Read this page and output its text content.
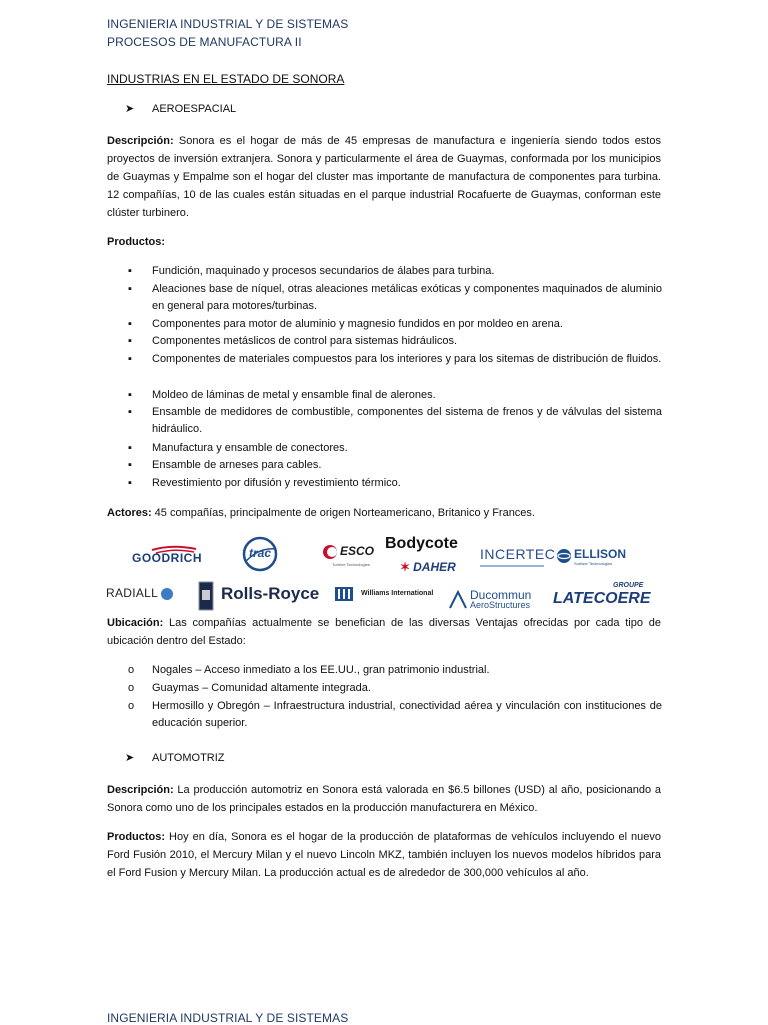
INGENIERIA INDUSTRIAL Y DE SISTEMAS
PROCESOS DE MANUFACTURA II
INDUSTRIAS EN EL ESTADO DE SONORA
➤ AEROESPACIAL
Descripción: Sonora es el hogar de más de 45 empresas de manufactura e ingeniería siendo todos estos proyectos de inversión extranjera. Sonora y particularmente el área de Guaymas, conformada por los municipios de Guaymas y Empalme son el hogar del cluster mas importante de manufactura de componentes para turbina. 12 compañías, 10 de las cuales están situadas en el parque industrial Rocafuerte de Guaymas, conforman este clúster turbinero.
Productos:
▪	Fundición, maquinado y procesos secundarios de álabes para turbina.
▪	Aleaciones base de níquel, otras aleaciones metálicas exóticas y componentes maquinados de aluminio en general para motores/turbinas.
▪	Componentes para motor de aluminio y magnesio fundidos en por moldeo en arena.
▪	Componentes metáslicos de control para sistemas hidráulicos.
▪	Componentes de materiales compuestos para los interiores y para los sitemas de distribución de fluidos.
▪	Moldeo de láminas de metal y ensamble final de alerones.
▪	Ensamble de medidores de combustible, componentes del sistema de frenos y de válvulas del sistema hidráulico.
▪	Manufactura y ensamble de conectores.
▪	Ensamble de arneses para cables.
▪	Revestimiento por difusión y revestimiento térmico.
Actores: 45 compañías, principalmente de origen Norteamericano, Britanico y Frances.
GOODRICH	trac	ESCO
Turbine Technologies
Bodycote
✶ DAHER
INCERTEC ELLISON
Surface Technologies
RADIALL	Rolls-Royce	Williams International	Ducommun
AeroStructures
GROUPE
LATECOERE
Ubicación: Las compañías actualmente se benefician de las diversas Ventajas ofrecidas por cada tipo de ubicación dentro del Estado:
o	Nogales – Acceso inmediato a los EE.UU., gran patrimonio industrial.
o	Guaymas – Comunidad altamente integrada.
o	Hermosillo y Obregón – Infraestructura industrial, conectividad aérea y vinculación con instituciones de educación superior.
➤ AUTOMOTRIZ
Descripción: La producción automotriz en Sonora está valorada en $6.5 billones (USD) al año, posicionando a Sonora como uno de los principales estados en la producción manufacturera en México.
Productos: Hoy en día, Sonora es el hogar de la producción de plataformas de vehículos incluyendo el nuevo Ford Fusión 2010, el Mercury Milan y el nuevo Lincoln MKZ, también incluyen los nuevos modelos híbridos para el Ford Fusion y Mercury Milan. La producción actual es de alrededor de 300,000 vehículos al año.
INGENIERIA INDUSTRIAL Y DE SISTEMAS
